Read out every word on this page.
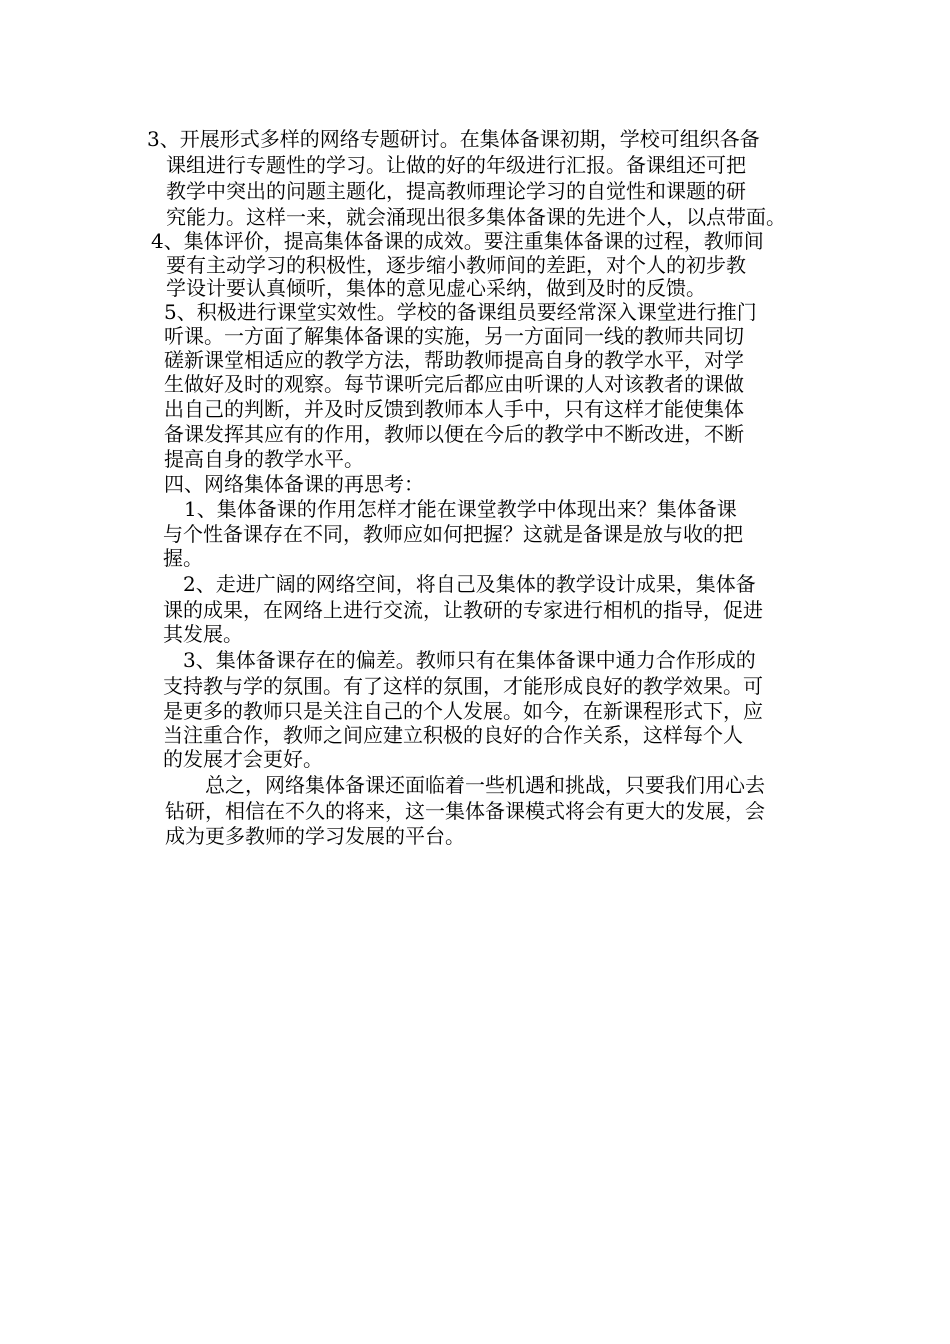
3、开展形式多样的网络专题研讨。在集体备课初期，学校可组织各备
课组进行专题性的学习。让做的好的年级进行汇报。备课组还可把
教学中突出的问题主题化，提高教师理论学习的自觉性和课题的研
究能力。这样一来，就会涌现出很多集体备课的先进个人，以点带面。
4、集体评价，提高集体备课的成效。要注重集体备课的过程，教师间
要有主动学习的积极性，逐步缩小教师间的差距，对个人的初步教
学设计要认真倾听，集体的意见虚心采纳，做到及时的反馈。
5、积极进行课堂实效性。学校的备课组员要经常深入课堂进行推门
听课。一方面了解集体备课的实施，另一方面同一线的教师共同切
磋新课堂相适应的教学方法，帮助教师提高自身的教学水平，对学
生做好及时的观察。每节课听完后都应由听课的人对该教者的课做
出自己的判断，并及时反馈到教师本人手中，只有这样才能使集体
备课发挥其应有的作用，教师以便在今后的教学中不断改进，不断
提高自身的教学水平。
四、网络集体备课的再思考：
1、集体备课的作用怎样才能在课堂教学中体现出来？集体备课
与个性备课存在不同，教师应如何把握？这就是备课是放与收的把
握。
2、走进广阔的网络空间，将自己及集体的教学设计成果，集体备
课的成果，在网络上进行交流，让教研的专家进行相机的指导，促进
其发展。
3、集体备课存在的偏差。教师只有在集体备课中通力合作形成的
支持教与学的氛围。有了这样的氛围，才能形成良好的教学效果。可
是更多的教师只是关注自己的个人发展。如今，在新课程形式下，应
当注重合作，教师之间应建立积极的良好的合作关系，这样每个人
的发展才会更好。
总之，网络集体备课还面临着一些机遇和挑战，只要我们用心去
钻研，相信在不久的将来，这一集体备课模式将会有更大的发展，会
成为更多教师的学习发展的平台。
